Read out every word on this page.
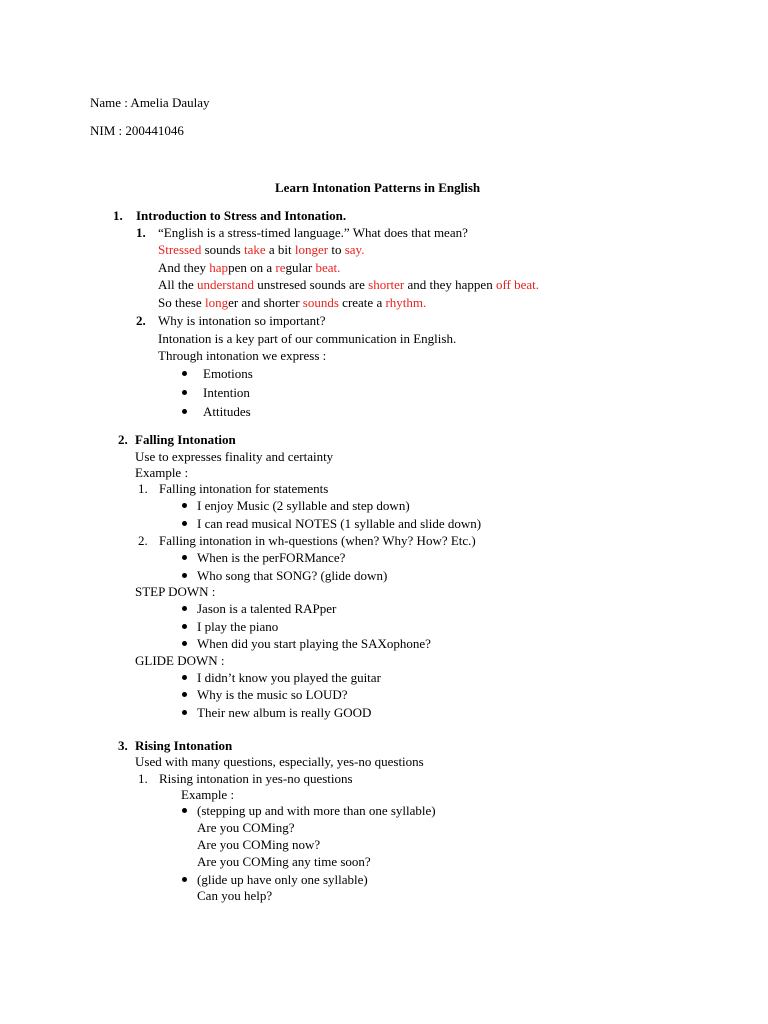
Name : Amelia Daulay
NIM : 200441046
Learn Intonation Patterns in English
1. Introduction to Stress and Intonation.
1. “English is a stress-timed language.” What does that mean?
Stressed sounds take a bit longer to say.
And they happen on a regular beat.
All the understand unstresed sounds are shorter and they happen off beat.
So these longer and shorter sounds create a rhythm.
2. Why is intonation so important?
Intonation is a key part of our communication in English.
Through intonation we express :
Emotions
Intention
Attitudes
2. Falling Intonation
Use to expresses finality and certainty
Example :
1. Falling intonation for statements
I enjoy Music (2 syllable and step down)
I can read musical NOTES (1 syllable and slide down)
2. Falling intonation in wh-questions (when? Why? How? Etc.)
When is the perFORMance?
Who song that SONG? (glide down)
STEP DOWN :
Jason is a talented RAPper
I play the piano
When did you start playing the SAXophone?
GLIDE DOWN :
I didn’t know you played the guitar
Why is the music so LOUD?
Their new album is really GOOD
3. Rising Intonation
Used with many questions, especially, yes-no questions
1. Rising intonation in yes-no questions
Example :
(stepping up and with more than one syllable)
Are you COMing?
Are you COMing now?
Are you COMing any time soon?
(glide up have only one syllable)
Can you help?
